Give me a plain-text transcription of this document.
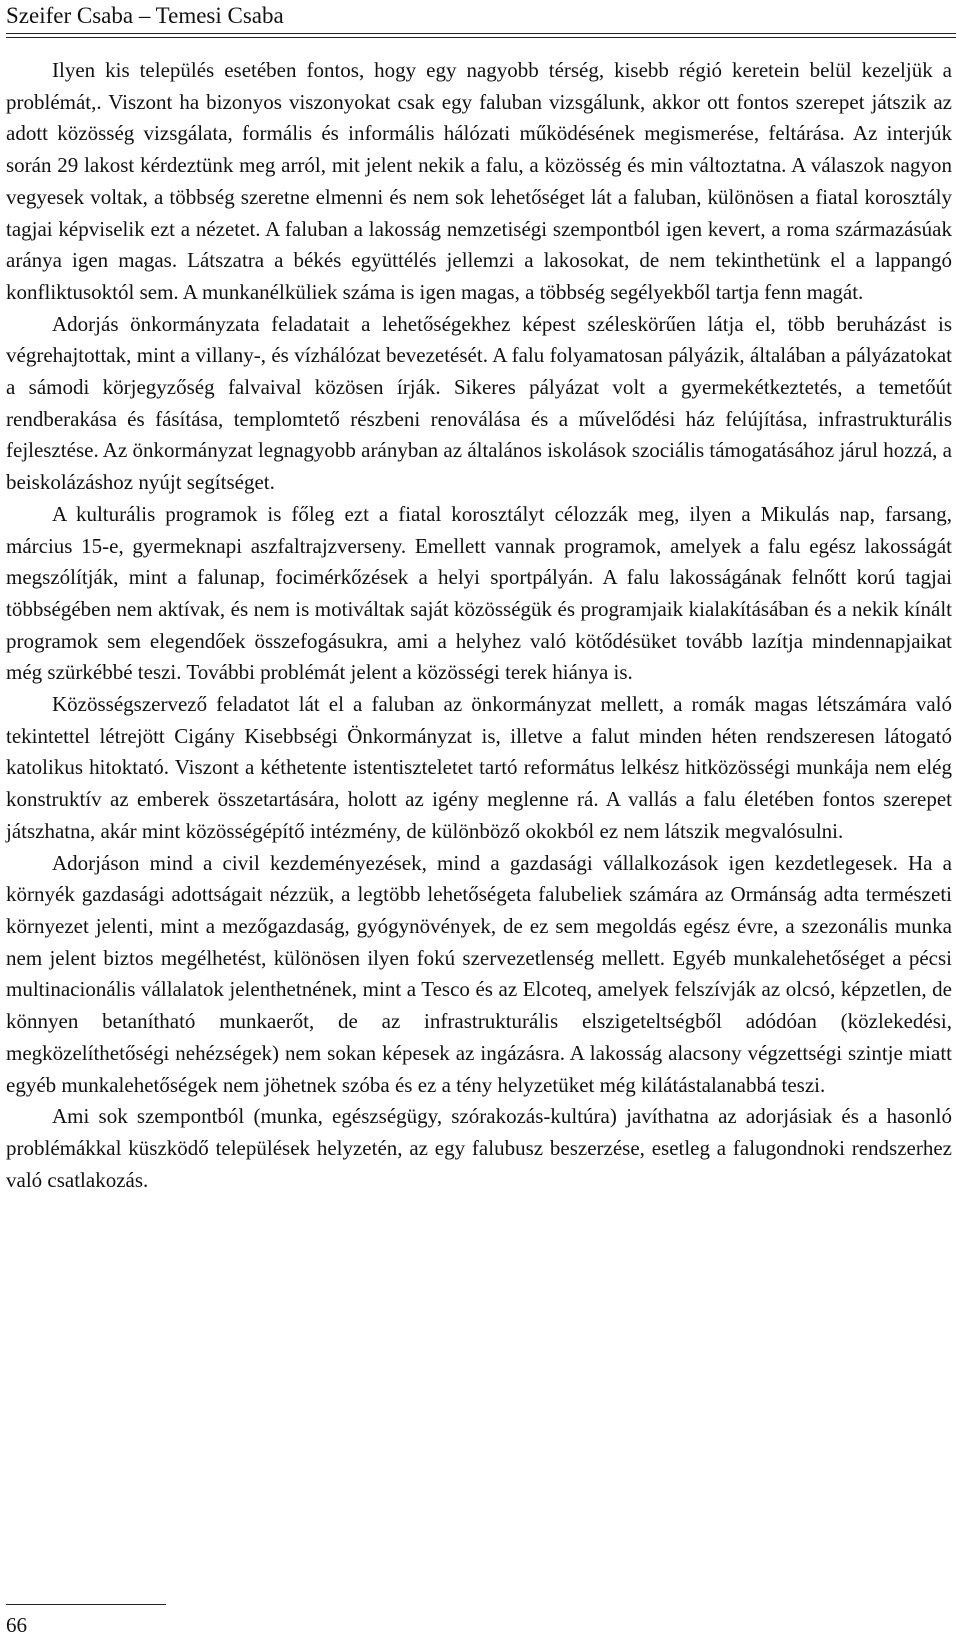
Szeifer Csaba – Temesi Csaba

Ilyen kis település esetében fontos, hogy egy nagyobb térség, kisebb régió keretein belül kezeljük a problémát,. Viszont ha bizonyos viszonyokat csak egy faluban vizsgálunk, akkor ott fontos szerepet játszik az adott közösség vizsgálata, formális és informális hálózati működésének megismerése, feltárása. Az interjúk során 29 lakost kérdeztünk meg arról, mit jelent nekik a falu, a közösség és min változtatna. A válaszok nagyon vegyesek voltak, a többség szeretne elmenni és nem sok lehetőséget lát a faluban, különösen a fiatal korosztály tagjai képviselik ezt a nézetet. A faluban a lakosság nemzetiségi szempontból igen kevert, a roma származásúak aránya igen magas. Látszatra a békés együttélés jellemzi a lakosokat, de nem tekinthetünk el a lappangó konfliktusoktól sem. A munkanélküliek száma is igen magas, a többség segélyekből tartja fenn magát.

Adorjás önkormányzata feladatait a lehetőségekhez képest széleskörűen látja el, több beruházást is végrehajtottak, mint a villany-, és vízhálózat bevezetését. A falu folyamatosan pályázik, általában a pályázatokat a sámodi körjegyzőség falvaival közösen írják. Sikeres pályázat volt a gyermekétkeztetés, a temetőút rendberakása és fásítása, templomtető részbeni renoválása és a művelődési ház felújítása, infrastrukturális fejlesztése. Az önkormányzat legnagyobb arányban az általános iskolások szociális támogatásához járul hozzá, a beiskolázáshoz nyújt segítséget.

A kulturális programok is főleg ezt a fiatal korosztályt célozzák meg, ilyen a Mikulás nap, farsang, március 15-e, gyermeknapi aszfaltrajzverseny. Emellett vannak programok, amelyek a falu egész lakosságát megszólítják, mint a falunap, focimérkőzések a helyi sportpályán. A falu lakosságának felnőtt korú tagjai többségében nem aktívak, és nem is motiváltak saját közösségük és programjaik kialakításában és a nekik kínált programok sem elegendőek összefogásukra, ami a helyhez való kötődésüket tovább lazítja mindennapjaikat még szürkébbé teszi. További problémát jelent a közösségi terek hiánya is.

Közösségszervező feladatot lát el a faluban az önkormányzat mellett, a romák magas létszámára való tekintettel létrejött Cigány Kisebbségi Önkormányzat is, illetve a falut minden héten rendszeresen látogató katolikus hitoktató. Viszont a kéthetente istentiszteletet tartó református lelkész hitközösségi munkája nem elég konstruktív az emberek összetartására, holott az igény meglenne rá. A vallás a falu életében fontos szerepet játszhatna, akár mint közösségépítő intézmény, de különböző okokból ez nem látszik megvalósulni.

Adorjáson mind a civil kezdeményezések, mind a gazdasági vállalkozások igen kezdetlegesek. Ha a környék gazdasági adottságait nézzük, a legtöbb lehetőségeta falubeliek számára az Ormánság adta természeti környezet jelenti, mint a mezőgazdaság, gyógynövények, de ez sem megoldás egész évre, a szezonális munka nem jelent biztos megélhetést, különösen ilyen fokú szervezetlenség mellett. Egyéb munkalehetőséget a pécsi multinacionális vállalatok jelenthetnének, mint a Tesco és az Elcoteq, amelyek felszívják az olcsó, képzetlen, de könnyen betanítható munkaerőt, de az infrastrukturális elszigeteltségből adódóan (közlekedési, megközelíthetőségi nehézségek) nem sokan képesek az ingázásra. A lakosság alacsony végzettségi szintje miatt egyéb munkalehetőségek nem jöhetnek szóba és ez a tény helyzetüket még kilátástalanabbá teszi.

Ami sok szempontból (munka, egészségügy, szórakozás-kultúra) javíthatna az adorjásiak és a hasonló problémákkal küszködő települések helyzetén, az egy falubusz beszerzése, esetleg a falugondnoki rendszerhez való csatlakozás.

66
